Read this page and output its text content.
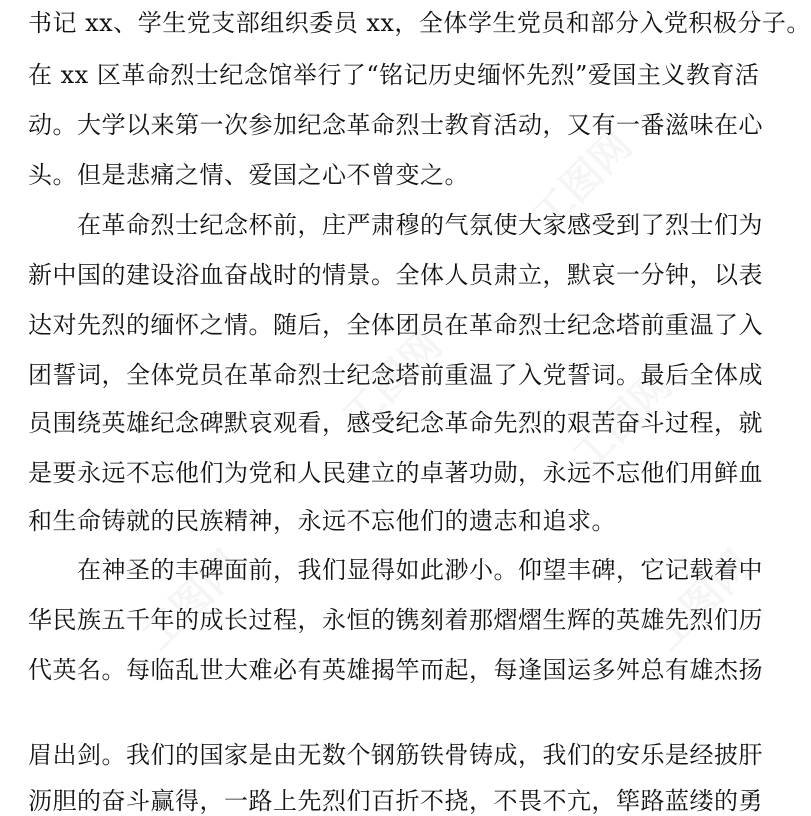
工图网
工图网	工图网
工图网	工图网
书记 xx、学生党支部组织委员 xx，全体学生党员和部分入党积极分子。
在 xx 区革命烈士纪念馆举行了“铭记历史缅怀先烈”爱国主义教育活
动。大学以来第一次参加纪念革命烈士教育活动，又有一番滋味在心
头。但是悲痛之情、爱国之心不曾变之。
　　在革命烈士纪念杯前，庄严肃穆的气氛使大家感受到了烈士们为
新中国的建设浴血奋战时的情景。全体人员肃立，默哀一分钟，以表
达对先烈的缅怀之情。随后，全体团员在革命烈士纪念塔前重温了入
团誓词，全体党员在革命烈士纪念塔前重温了入党誓词。最后全体成
员围绕英雄纪念碑默哀观看，感受纪念革命先烈的艰苦奋斗过程，就
是要永远不忘他们为党和人民建立的卓著功勋，永远不忘他们用鲜血
和生命铸就的民族精神，永远不忘他们的遗志和追求。
　　在神圣的丰碑面前，我们显得如此渺小。仰望丰碑，它记载着中
华民族五千年的成长过程，永恒的镌刻着那熠熠生辉的英雄先烈们历
代英名。每临乱世大难必有英雄揭竿而起，每逢国运多舛总有雄杰扬
眉出剑。我们的国家是由无数个钢筋铁骨铸成，我们的安乐是经披肝
沥胆的奋斗赢得，一路上先烈们百折不挠，不畏不亢，筚路蓝缕的勇
